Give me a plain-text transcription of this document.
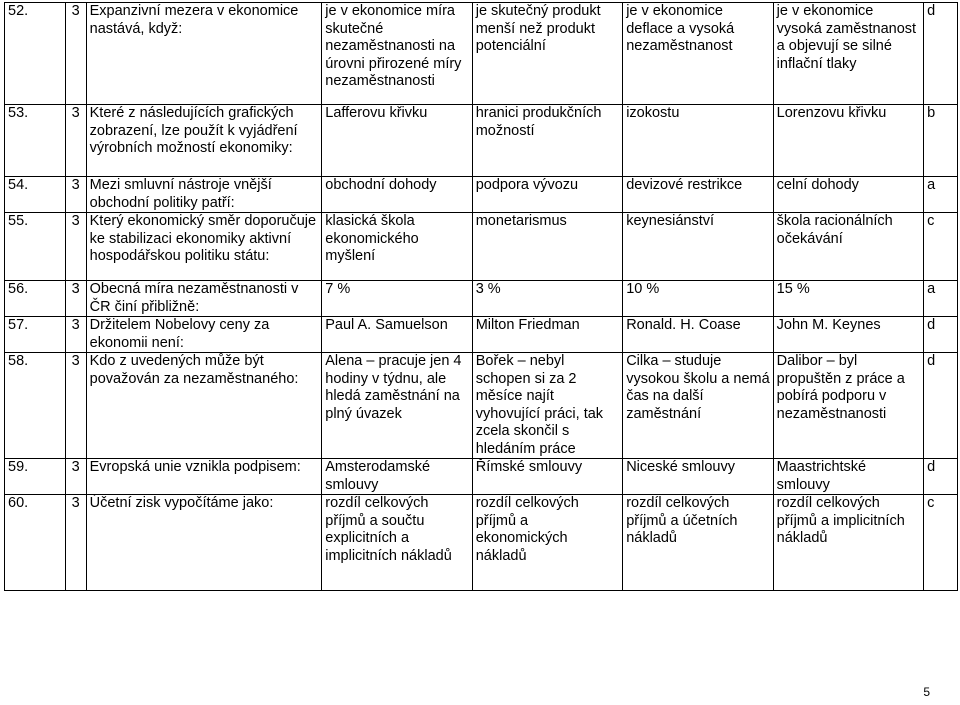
52.	3	Expanzivní mezera v ekonomice nastává, když:	je v ekonomice míra skutečné nezaměstnanosti na úrovni přirozené míry nezaměstnanosti	je skutečný produkt menší než produkt potenciální	je v ekonomice deflace a vysoká nezaměstnanost	je v ekonomice vysoká zaměstnanost a objevují se silné inflační tlaky	d
53.	3	Které z následujících grafických zobrazení, lze použít k vyjádření výrobních možností ekonomiky:	Lafferovu křivku	hranici produkčních možností	izokostu	Lorenzovu křivku	b
54.	3	Mezi smluvní nástroje vnější obchodní politiky patří:	obchodní dohody	podpora vývozu	devizové restrikce	celní dohody	a
55.	3	Který ekonomický směr doporučuje ke stabilizaci ekonomiky aktivní hospodářskou politiku státu:	klasická škola ekonomického myšlení	monetarismus	keynesiánství	škola racionálních očekávání	c
56.	3	Obecná míra nezaměstnanosti v ČR činí přibližně:	7 %	3 %	10 %	15 %	a
57.	3	Držitelem Nobelovy ceny za ekonomii není:	Paul A. Samuelson	Milton Friedman	Ronald. H. Coase	John M. Keynes	d
58.	3	Kdo z uvedených může být považován za nezaměstnaného:	Alena – pracuje jen 4 hodiny v týdnu, ale hledá zaměstnání na plný úvazek	Bořek – nebyl schopen si za 2 měsíce najít vyhovující práci, tak zcela skončil s hledáním práce	Cilka – studuje vysokou školu a nemá čas na další zaměstnání	Dalibor – byl propuštěn z práce a pobírá podporu v nezaměstnanosti	d
59.	3	Evropská unie vznikla podpisem:	Amsterodamské smlouvy	Římské smlouvy	Niceské smlouvy	Maastrichtské smlouvy	d
60.	3	Účetní zisk vypočítáme jako:	rozdíl celkových příjmů a součtu explicitních a implicitních nákladů	rozdíl celkových příjmů a ekonomických nákladů	rozdíl celkových příjmů a účetních nákladů	rozdíl celkových příjmů a implicitních nákladů	c
5
